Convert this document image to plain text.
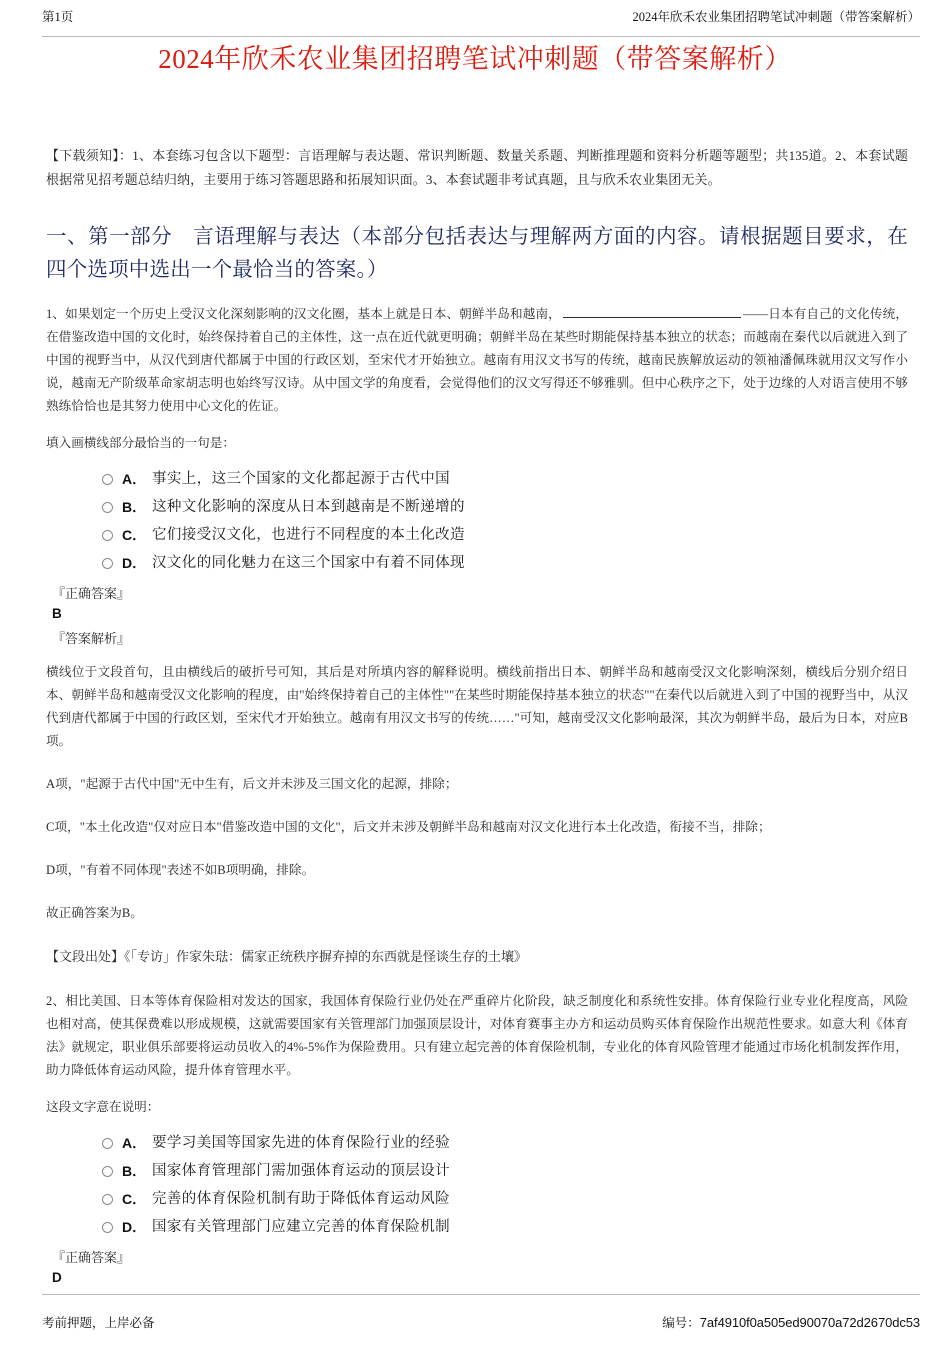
第1页	2024年欣禾农业集团招聘笔试冲刺题（带答案解析）
2024年欣禾农业集团招聘笔试冲刺题（带答案解析）

【下载须知】：1、本套练习包含以下题型：言语理解与表达题、常识判断题、数量关系题、判断推理题和资料分析题等题型；共135道。2、本套试题根据常见招考题总结归纳，主要用于练习答题思路和拓展知识面。3、本套试题非考试真题，且与欣禾农业集团无关。

一、第一部分　言语理解与表达（本部分包括表达与理解两方面的内容。请根据题目要求，在四个选项中选出一个最恰当的答案。）

1、如果划定一个历史上受汉文化深刻影响的汉文化圈，基本上就是日本、朝鲜半岛和越南，	——日本有自己的文化传统，在借鉴改造中国的文化时，始终保持着自己的主体性，这一点在近代就更明确；朝鲜半岛在某些时期能保持基本独立的状态；而越南在秦代以后就进入到了中国的视野当中，从汉代到唐代都属于中国的行政区划，至宋代才开始独立。越南有用汉文书写的传统，越南民族解放运动的领袖潘佩珠就用汉文写作小说，越南无产阶级革命家胡志明也始终写汉诗。从中国文学的角度看，会觉得他们的汉文写得还不够雅驯。但中心秩序之下，处于边缘的人对语言使用不够熟练恰恰也是其努力使用中心文化的佐证。

填入画横线部分最恰当的一句是：

A． 事实上，这三个国家的文化都起源于古代中国
B． 这种文化影响的深度从日本到越南是不断递增的
C． 它们接受汉文化，也进行不同程度的本土化改造
D． 汉文化的同化魅力在这三个国家中有着不同体现
『正确答案』
B
『答案解析』

横线位于文段首句，且由横线后的破折号可知，其后是对所填内容的解释说明。横线前指出日本、朝鲜半岛和越南受汉文化影响深刻，横线后分别介绍日本、朝鲜半岛和越南受汉文化影响的程度，由"始终保持着自己的主体性""在某些时期能保持基本独立的状态""在秦代以后就进入到了中国的视野当中，从汉代到唐代都属于中国的行政区划，至宋代才开始独立。越南有用汉文书写的传统……"可知，越南受汉文化影响最深，其次为朝鲜半岛，最后为日本，对应B项。

A项，"起源于古代中国"无中生有，后文并未涉及三国文化的起源，排除；

C项，"本土化改造"仅对应日本"借鉴改造中国的文化"，后文并未涉及朝鲜半岛和越南对汉文化进行本土化改造，衔接不当，排除；

D项，"有着不同体现"表述不如B项明确，排除。

故正确答案为B。

【文段出处】《「专访」作家朱琺：儒家正统秩序摒弃掉的东西就是怪谈生存的土壤》

2、相比美国、日本等体育保险相对发达的国家，我国体育保险行业仍处在严重碎片化阶段，缺乏制度化和系统性安排。体育保险行业专业化程度高，风险也相对高，使其保费难以形成规模，这就需要国家有关管理部门加强顶层设计，对体育赛事主办方和运动员购买体育保险作出规范性要求。如意大利《体育法》就规定，职业俱乐部要将运动员收入的4%-5%作为保险费用。只有建立起完善的体育保险机制，专业化的体育风险管理才能通过市场化机制发挥作用，助力降低体育运动风险，提升体育管理水平。

这段文字意在说明：

A． 要学习美国等国家先进的体育保险行业的经验
B． 国家体育管理部门需加强体育运动的顶层设计
C． 完善的体育保险机制有助于降低体育运动风险
D． 国家有关管理部门应建立完善的体育保险机制
『正确答案』
D
考前押题，上岸必备	编号：7af4910f0a505ed90070a72d2670dc53
